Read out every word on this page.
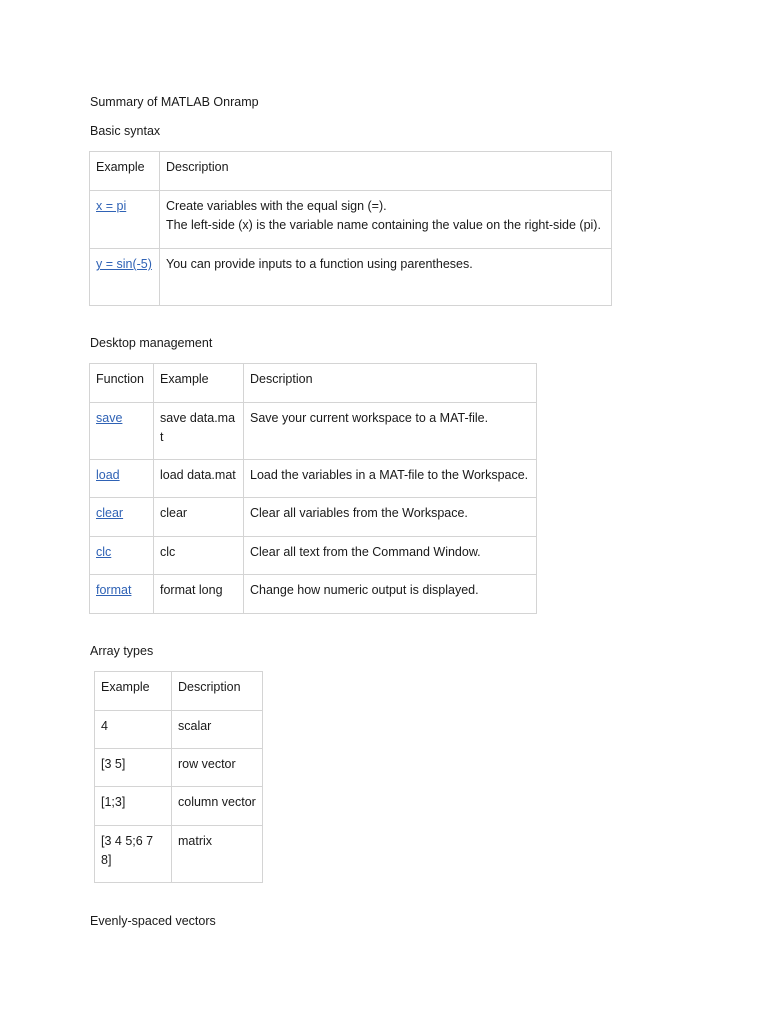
Summary of MATLAB Onramp
Basic syntax
Example	Description
x = pi	Create variables with the equal sign (=).
The left-side (x) is the variable name containing the value on the right-side (pi).

y = sin(-5)	You can provide inputs to a function using parentheses.
Desktop management
Function	Example	Description
save	save data.mat	Save your current workspace to a MAT-file.
load	load data.mat	Load the variables in a MAT-file to the Workspace.
clear	clear	Clear all variables from the Workspace.
clc	clc	Clear all text from the Command Window.
format	format long	Change how numeric output is displayed.
Array types
Example	Description
4	scalar
[3 5]	row vector
[1;3]	column vector
[3 4 5;6 7 8]	matrix
Evenly-spaced vectors
